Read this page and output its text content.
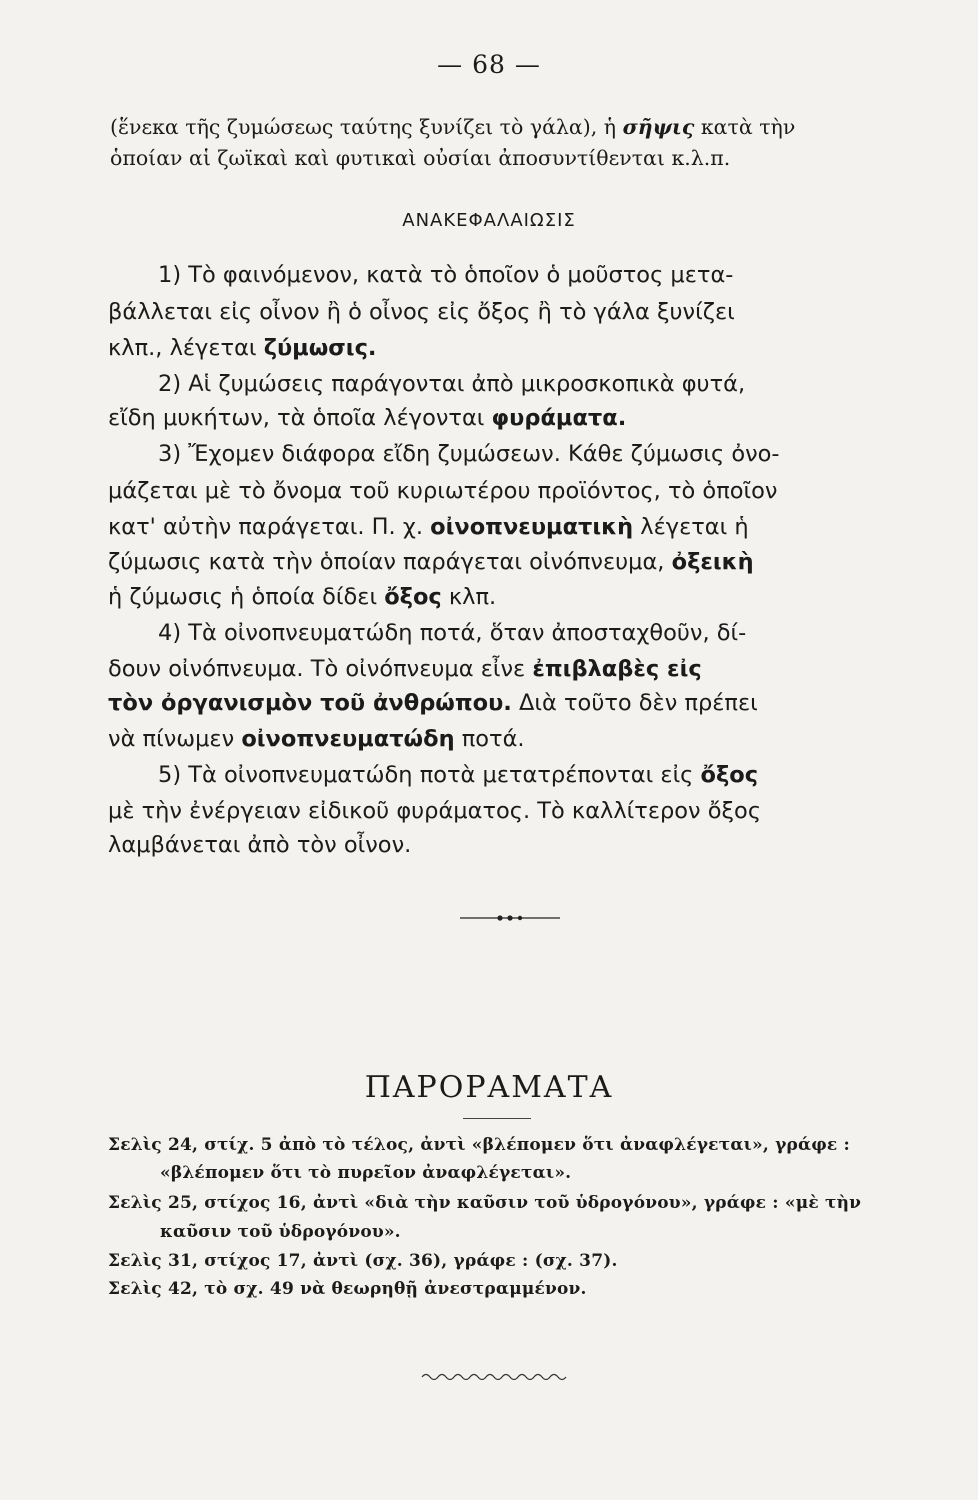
— 68 —
(ἕνεκα τῆς ζυμώσεως ταύτης ξυνίζει τὸ γάλα), ἡ σῆψις κατὰ τὴν
ὁποίαν αἱ ζωϊκαὶ καὶ φυτικαὶ οὐσίαι ἀποσυντίθενται κ.λ.π.
ΑΝΑΚΕΦΑΛΑΙΩΣΙΣ
1) Τὸ φαινόμενον, κατὰ τὸ ὁποῖον ὁ μοῦστος μετα-
βάλλεται εἰς οἶνον ἢ ὁ οἶνος εἰς ὄξος ἢ τὸ γάλα ξυνίζει
κλπ., λέγεται ζύμωσις.
2) Αἱ ζυμώσεις παράγονται ἀπὸ μικροσκοπικὰ φυτά,
εἴδη μυκήτων, τὰ ὁποῖα λέγονται φυράματα.
3) Ἔχομεν διάφορα εἴδη ζυμώσεων. Κάθε ζύμωσις ὀνο-
μάζεται μὲ τὸ ὄνομα τοῦ κυριωτέρου προϊόντος, τὸ ὁποῖον
κατ' αὐτὴν παράγεται. Π. χ. οἰνοπνευματικὴ λέγεται ἡ
ζύμωσις κατὰ τὴν ὁποίαν παράγεται οἰνόπνευμα, ὀξεικὴ
ἡ ζύμωσις ἡ ὁποία δίδει ὄξος κλπ.
4) Τὰ οἰνοπνευματώδη ποτά, ὅταν ἀποσταχθοῦν, δί-
δουν οἰνόπνευμα. Τὸ οἰνόπνευμα εἶνε ἐπιβλαβὲς εἰς
τὸν ὀργανισμὸν τοῦ ἀνθρώπου. Διὰ τοῦτο δὲν πρέπει
νὰ πίνωμεν οἰνοπνευματώδη ποτά.
5) Τὰ οἰνοπνευματώδη ποτὰ μετατρέπονται εἰς ὄξος
μὲ τὴν ἐνέργειαν εἰδικοῦ φυράματος. Τὸ καλλίτερον ὄξος
λαμβάνεται ἀπὸ τὸν οἶνον.
ΠΑΡΟΡΑΜΑΤΑ
Σελὶς 24, στίχ. 5 ἀπὸ τὸ τέλος, ἀντὶ «βλέπομεν ὅτι ἀναφλέγεται», γράφε :
«βλέπομεν ὅτι τὸ πυρεῖον ἀναφλέγεται».
Σελὶς 25, στίχος 16, ἀντὶ «διὰ τὴν καῦσιν τοῦ ὑδρογόνου», γράφε : «μὲ τὴν
καῦσιν τοῦ ὑδρογόνου».
Σελὶς 31, στίχος 17, ἀντὶ (σχ. 36), γράφε : (σχ. 37).
Σελὶς 42, τὸ σχ. 49 νὰ θεωρηθῇ ἀνεστραμμένον.
